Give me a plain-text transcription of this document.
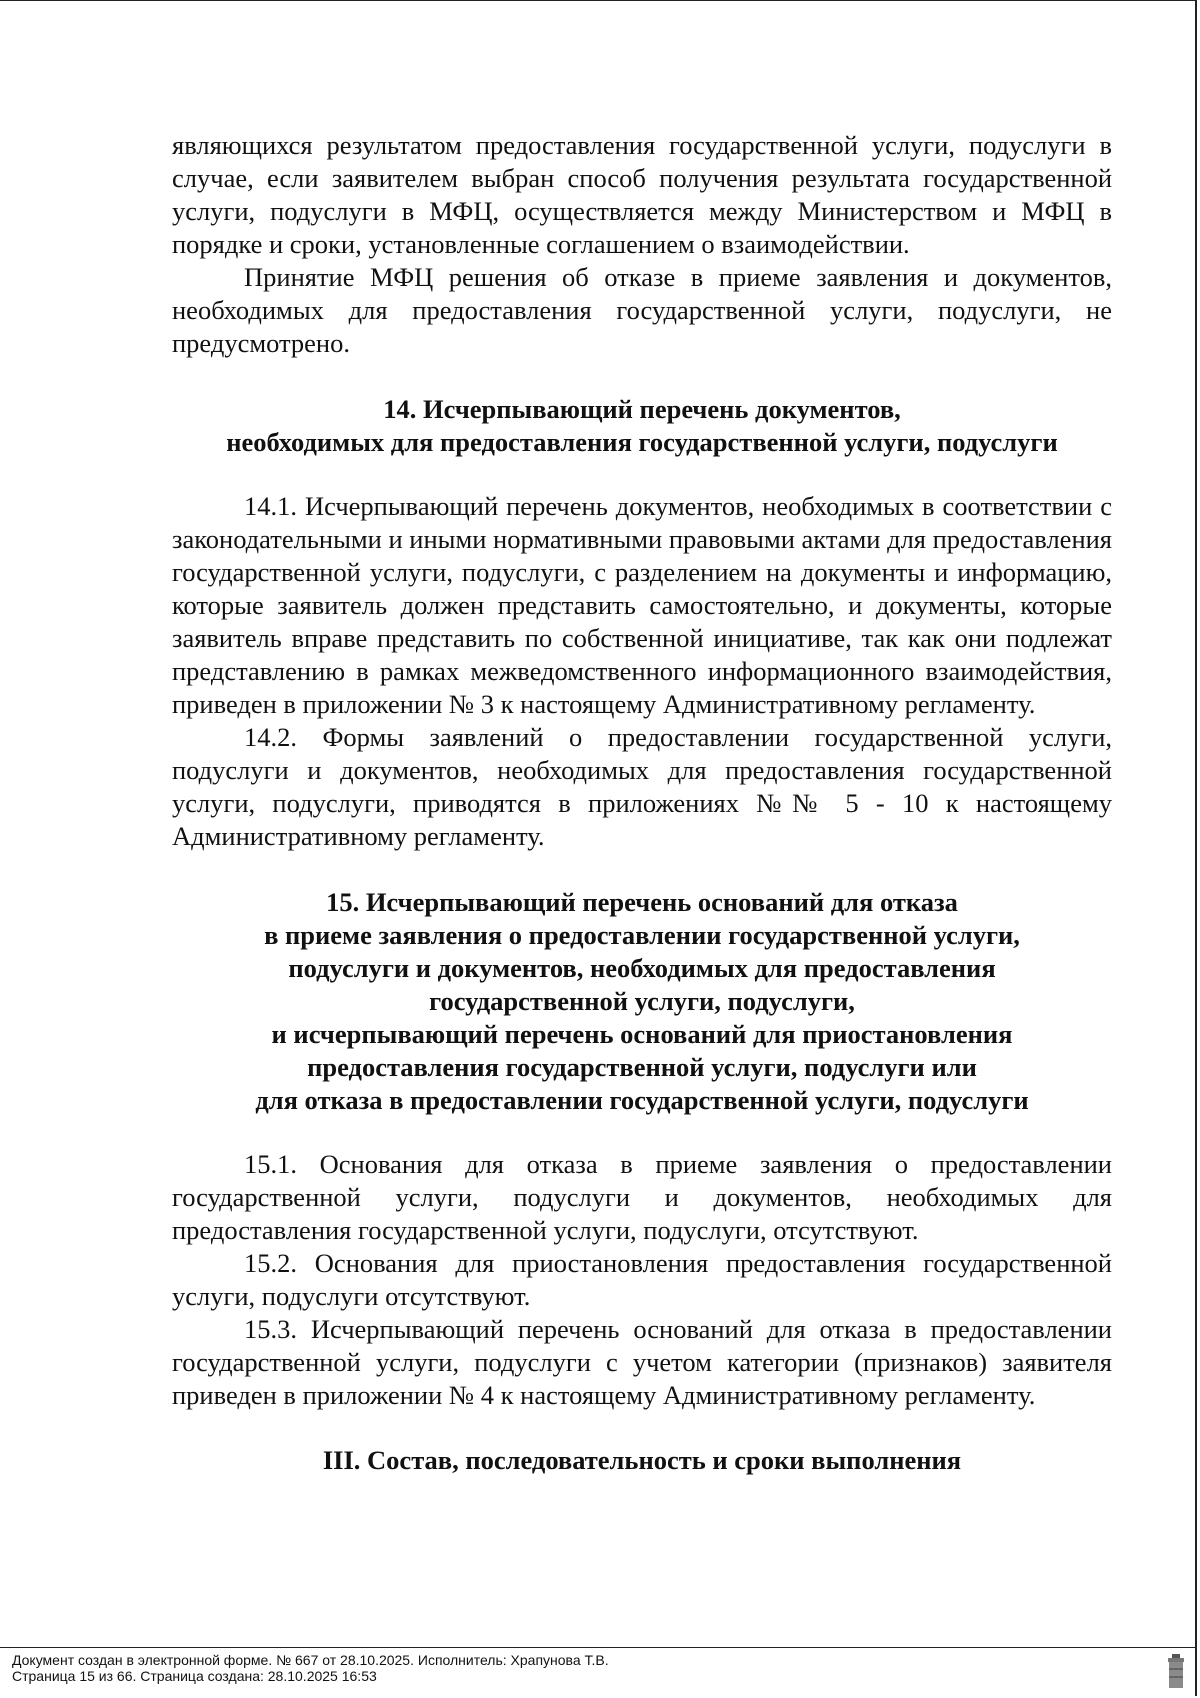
являющихся результатом предоставления государственной услуги, подуслуги в случае, если заявителем выбран способ получения результата государственной услуги, подуслуги в МФЦ, осуществляется между Министерством и МФЦ в порядке и сроки, установленные соглашением о взаимодействии.

Принятие МФЦ решения об отказе в приеме заявления и документов, необходимых для предоставления государственной услуги, подуслуги, не предусмотрено.

14. Исчерпывающий перечень документов,
необходимых для предоставления государственной услуги, подуслуги

14.1. Исчерпывающий перечень документов, необходимых в соответствии с законодательными и иными нормативными правовыми актами для предоставления государственной услуги, подуслуги, с разделением на документы и информацию, которые заявитель должен представить самостоятельно, и документы, которые заявитель вправе представить по собственной инициативе, так как они подлежат представлению в рамках межведомственного информационного взаимодействия, приведен в приложении № 3 к настоящему Административному регламенту.

14.2. Формы заявлений о предоставлении государственной услуги, подуслуги и документов, необходимых для предоставления государственной услуги, подуслуги, приводятся в приложениях №№ 5 - 10 к настоящему Административному регламенту.

15. Исчерпывающий перечень оснований для отказа
в приеме заявления о предоставлении государственной услуги,
подуслуги и документов, необходимых для предоставления
государственной услуги, подуслуги,
и исчерпывающий перечень оснований для приостановления
предоставления государственной услуги, подуслуги или
для отказа в предоставлении государственной услуги, подуслуги

15.1. Основания для отказа в приеме заявления о предоставлении государственной услуги, подуслуги и документов, необходимых для предоставления государственной услуги, подуслуги, отсутствуют.

15.2. Основания для приостановления предоставления государственной услуги, подуслуги отсутствуют.

15.3. Исчерпывающий перечень оснований для отказа в предоставлении государственной услуги, подуслуги с учетом категории (признаков) заявителя приведен в приложении № 4 к настоящему Административному регламенту.

III. Состав, последовательность и сроки выполнения
Документ создан в электронной форме. № 667 от 28.10.2025. Исполнитель: Храпунова Т.В.
Страница 15 из 66. Страница создана: 28.10.2025 16:53
